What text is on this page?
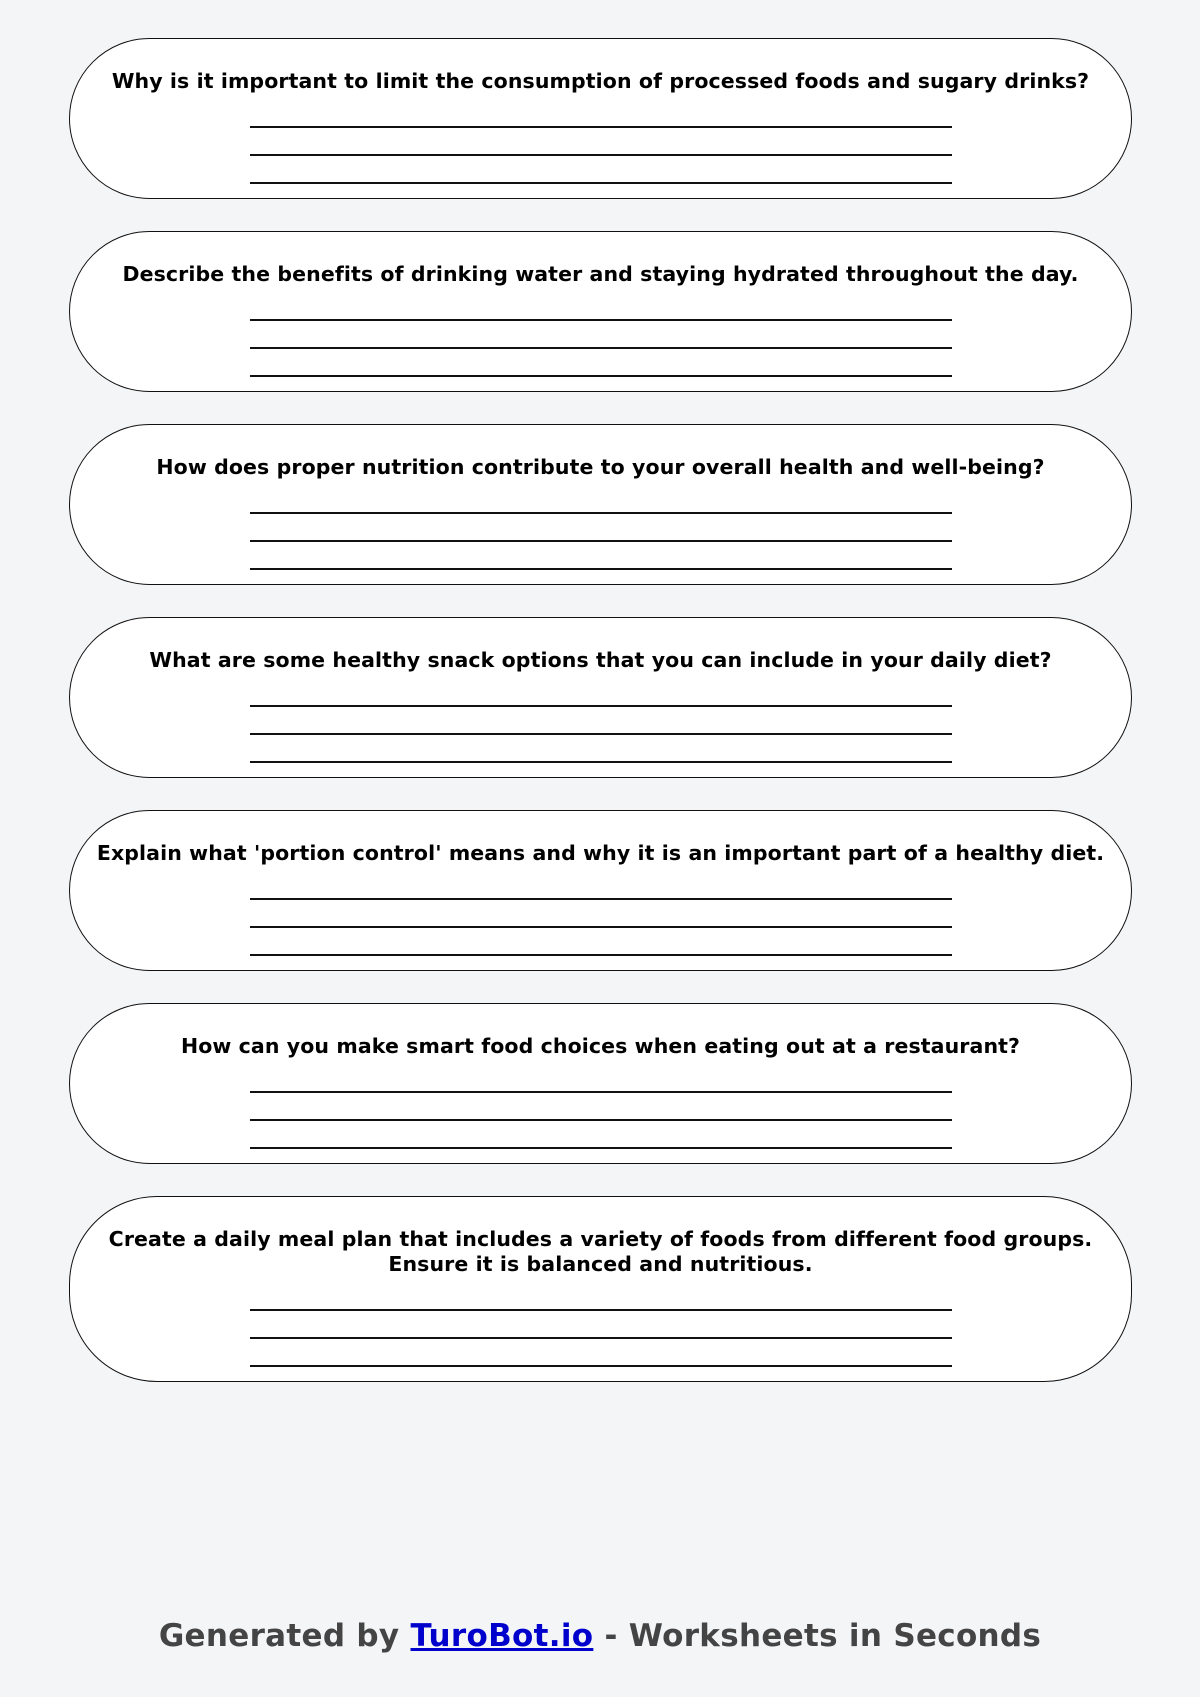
Why is it important to limit the consumption of processed foods and sugary drinks?

Describe the benefits of drinking water and staying hydrated throughout the day.

How does proper nutrition contribute to your overall health and well-being?

What are some healthy snack options that you can include in your daily diet?

Explain what 'portion control' means and why it is an important part of a healthy diet.

How can you make smart food choices when eating out at a restaurant?

Create a daily meal plan that includes a variety of foods from different food groups. Ensure it is balanced and nutritious.

Generated by TuroBot.io - Worksheets in Seconds
